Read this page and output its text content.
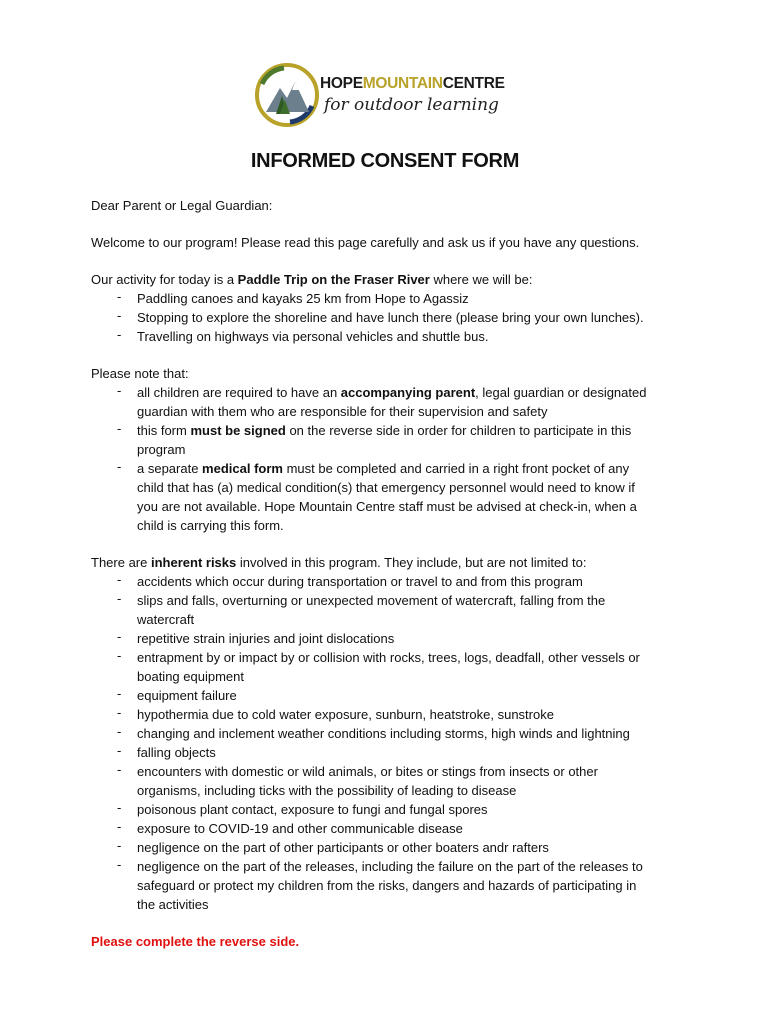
HOPEMOUNTAINCENTRE
for outdoor learning
INFORMED CONSENT FORM
Dear Parent or Legal Guardian:
Welcome to our program! Please read this page carefully and ask us if you have any questions.
Our activity for today is a Paddle Trip on the Fraser River where we will be:
- Paddling canoes and kayaks 25 km from Hope to Agassiz
- Stopping to explore the shoreline and have lunch there (please bring your own lunches).
- Travelling on highways via personal vehicles and shuttle bus.
Please note that:
- all children are required to have an accompanying parent, legal guardian or designated
guardian with them who are responsible for their supervision and safety
- this form must be signed on the reverse side in order for children to participate in this
program
- a separate medical form must be completed and carried in a right front pocket of any
child that has (a) medical condition(s) that emergency personnel would need to know if
you are not available. Hope Mountain Centre staff must be advised at check-in, when a
child is carrying this form.
There are inherent risks involved in this program. They include, but are not limited to:
- accidents which occur during transportation or travel to and from this program
- slips and falls, overturning or unexpected movement of watercraft, falling from the
watercraft
- repetitive strain injuries and joint dislocations
- entrapment by or impact by or collision with rocks, trees, logs, deadfall, other vessels or
boating equipment
- equipment failure
- hypothermia due to cold water exposure, sunburn, heatstroke, sunstroke
- changing and inclement weather conditions including storms, high winds and lightning
- falling objects
- encounters with domestic or wild animals, or bites or stings from insects or other
organisms, including ticks with the possibility of leading to disease
- poisonous plant contact, exposure to fungi and fungal spores
- exposure to COVID-19 and other communicable disease
- negligence on the part of other participants or other boaters andr rafters
- negligence on the part of the releases, including the failure on the part of the releases to
safeguard or protect my children from the risks, dangers and hazards of participating in
the activities
Please complete the reverse side.
